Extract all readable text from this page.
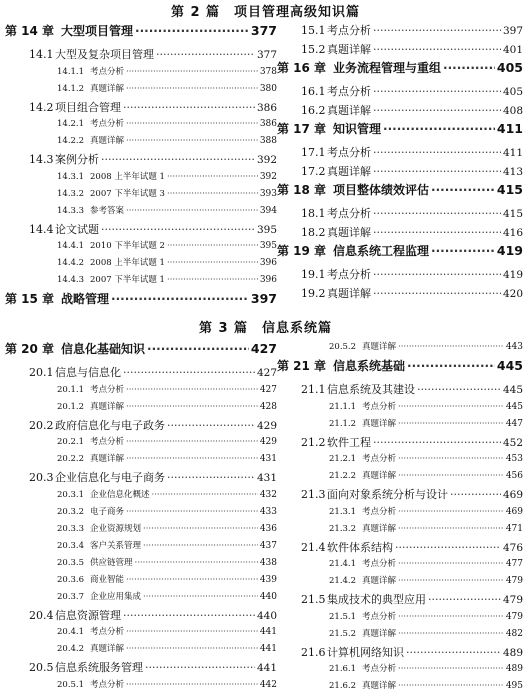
第 2 篇　项目管理高级知识篇
第 14 章 大型项目管理 ·····	377
14.1 大型及复杂项目管理 ·····	377
14.1.1 考点分析 ·····	378
14.1.2 真题详解 ·····	380
14.2 项目组合管理 ·····	386
14.2.1 考点分析 ·····	386
14.2.2 真题详解 ·····	388
14.3 案例分析 ·····	392
14.3.1 2008 上半年试题 1 ·····	392
14.3.2 2007 下半年试题 3 ·····	393
14.3.3 参考答案 ·····	394
14.4 论文试题 ·····	395
14.4.1 2010 下半年试题 2 ·····	395
14.4.2 2008 上半年试题 1 ·····	396
14.4.3 2007 下半年试题 1 ·····	396
第 15 章 战略管理 ·····	397
15.1 考点分析 ·····	397
15.2 真题详解 ·····	401
第 16 章 业务流程管理与重组 ·····	405
16.1 考点分析 ·····	405
16.2 真题详解 ·····	408
第 17 章 知识管理 ·····	411
17.1 考点分析 ·····	411
17.2 真题详解 ·····	413
第 18 章 项目整体绩效评估 ·····	415
18.1 考点分析 ·····	415
18.2 真题详解 ·····	416
第 19 章 信息系统工程监理 ·····	419
19.1 考点分析 ·····	419
19.2 真题详解 ·····	420
第 3 篇　信息系统篇
第 20 章 信息化基础知识 ·····	427
20.1 信息与信息化 ·····	427
20.1.1 考点分析 ·····	427
20.1.2 真题详解 ·····	428
20.2 政府信息化与电子政务 ·····	429
20.2.1 考点分析 ·····	429
20.2.2 真题详解 ·····	431
20.3 企业信息化与电子商务 ·····	431
20.3.1 企业信息化概述 ·····	432
20.3.2 电子商务 ·····	433
20.3.3 企业资源规划 ·····	436
20.3.4 客户关系管理 ·····	437
20.3.5 供应链管理 ·····	438
20.3.6 商业智能 ·····	439
20.3.7 企业应用集成 ·····	440
20.4 信息资源管理 ·····	440
20.4.1 考点分析 ·····	441
20.4.2 真题详解 ·····	441
20.5 信息系统服务管理 ·····	441
20.5.1 考点分析 ·····	442
20.5.2 真题详解 ·····	443
第 21 章 信息系统基础 ·····	445
21.1 信息系统及其建设 ·····	445
21.1.1 考点分析 ·····	445
21.1.2 真题详解 ·····	447
21.2 软件工程 ·····	452
21.2.1 考点分析 ·····	453
21.2.2 真题详解 ·····	456
21.3 面向对象系统分析与设计 ·····	469
21.3.1 考点分析 ·····	469
21.3.2 真题详解 ·····	471
21.4 软件体系结构 ·····	476
21.4.1 考点分析 ·····	477
21.4.2 真题详解 ·····	479
21.5 集成技术的典型应用 ·····	479
21.5.1 考点分析 ·····	479
21.5.2 真题详解 ·····	482
21.6 计算机网络知识 ·····	489
21.6.1 考点分析 ·····	489
21.6.2 真题详解 ·····	495
